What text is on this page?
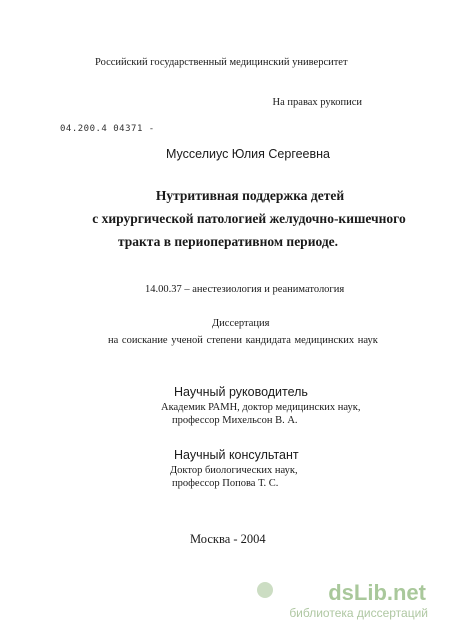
Российский государственный медицинский университет
На правах рукописи
04.200.4 04371 -
Мусселиус Юлия Сергеевна
Нутритивная поддержка детей
с хирургической патологией желудочно-кишечного
тракта в периоперативном периоде.
14.00.37 – анестезиология и реаниматология
Диссертация
на соискание ученой степени кандидата медицинских наук
Научный руководитель
Академик РАМН, доктор медицинских наук,
профессор Михельсон В. А.
Научный консультант
Доктор биологических наук,
профессор Попова Т. С.
Москва - 2004
dsLib.net
библиотека диссертаций
